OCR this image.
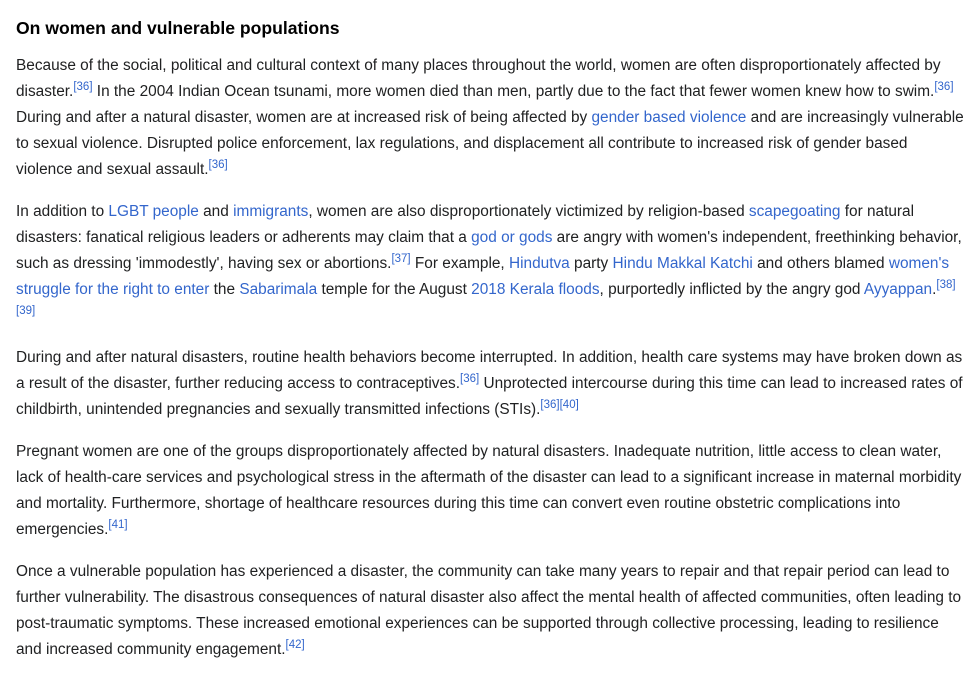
On women and vulnerable populations

Because of the social, political and cultural context of many places throughout the world, women are often disproportionately affected by disaster.[36] In the 2004 Indian Ocean tsunami, more women died than men, partly due to the fact that fewer women knew how to swim.[36] During and after a natural disaster, women are at increased risk of being affected by gender based violence and are increasingly vulnerable to sexual violence. Disrupted police enforcement, lax regulations, and displacement all contribute to increased risk of gender based violence and sexual assault.[36]

In addition to LGBT people and immigrants, women are also disproportionately victimized by religion-based scapegoating for natural disasters: fanatical religious leaders or adherents may claim that a god or gods are angry with women's independent, freethinking behavior, such as dressing 'immodestly', having sex or abortions.[37] For example, Hindutva party Hindu Makkal Katchi and others blamed women's struggle for the right to enter the Sabarimala temple for the August 2018 Kerala floods, purportedly inflicted by the angry god Ayyappan.[38][39]

During and after natural disasters, routine health behaviors become interrupted. In addition, health care systems may have broken down as a result of the disaster, further reducing access to contraceptives.[36] Unprotected intercourse during this time can lead to increased rates of childbirth, unintended pregnancies and sexually transmitted infections (STIs).[36][40]

Pregnant women are one of the groups disproportionately affected by natural disasters. Inadequate nutrition, little access to clean water, lack of health-care services and psychological stress in the aftermath of the disaster can lead to a significant increase in maternal morbidity and mortality. Furthermore, shortage of healthcare resources during this time can convert even routine obstetric complications into emergencies.[41]

Once a vulnerable population has experienced a disaster, the community can take many years to repair and that repair period can lead to further vulnerability. The disastrous consequences of natural disaster also affect the mental health of affected communities, often leading to post-traumatic symptoms. These increased emotional experiences can be supported through collective processing, leading to resilience and increased community engagement.[42]
